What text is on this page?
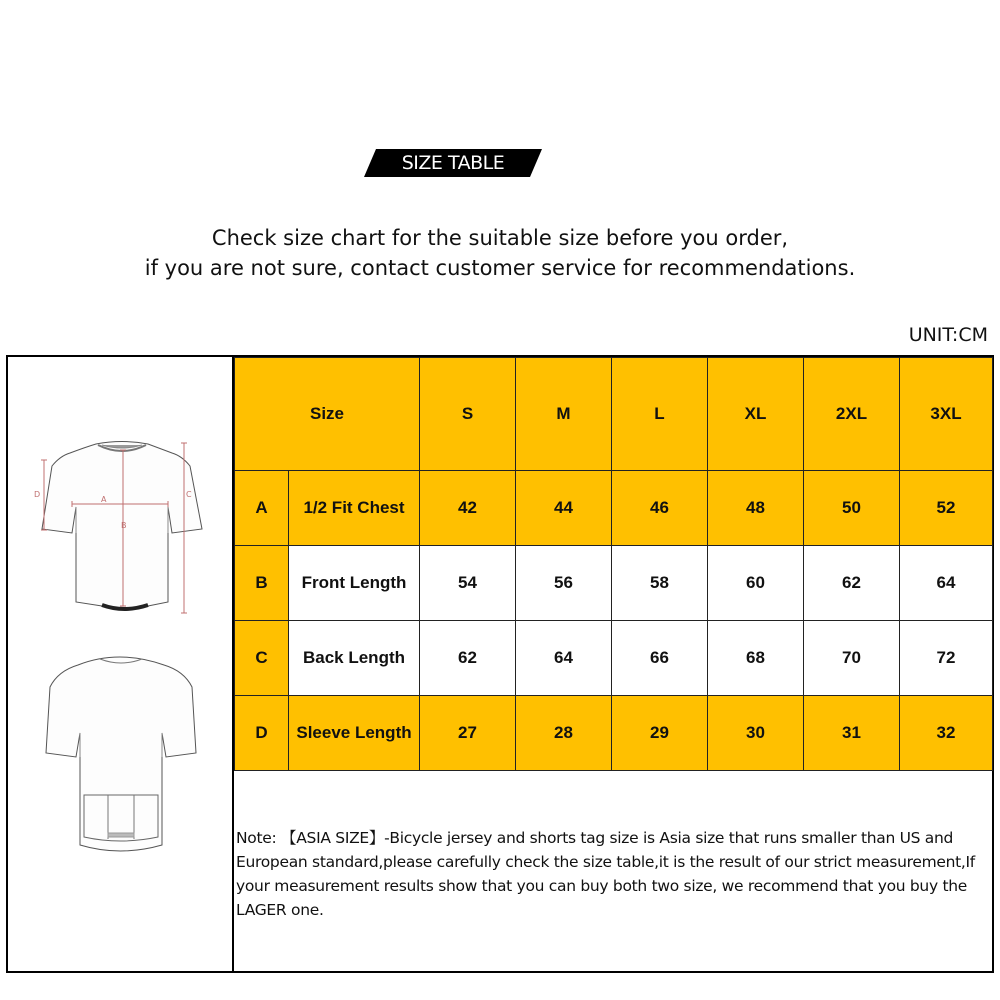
SIZE TABLE
Check size chart for the suitable size before you order,
if you are not sure, contact customer service for recommendations.
UNIT:CM
D
A
B
C
Size		S	M	L	XL	2XL	3XL
A	1/2 Fit Chest	42	44	46	48	50	52
B	Front Length	54	56	58	60	62	64
C	Back Length	62	64	66	68	70	72
D	Sleeve Length	27	28	29	30	31	32
Note: 【ASIA SIZE】-Bicycle jersey and shorts tag size is Asia size that runs smaller than US and European standard,please carefully check the size table,it is the result of our strict measurement,If your measurement results show that you can buy both two size, we recommend that you buy the LAGER one.
